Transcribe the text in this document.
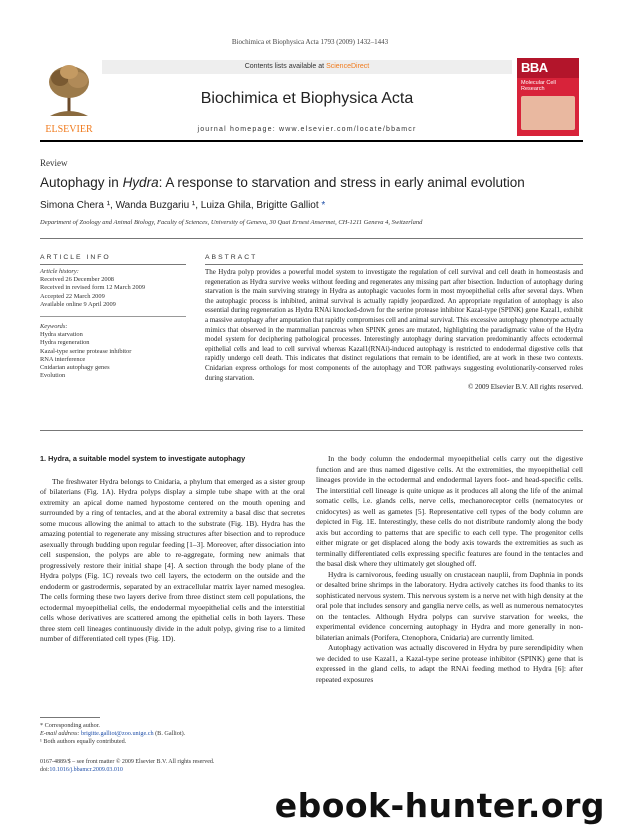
Biochimica et Biophysica Acta 1793 (2009) 1432–1443
ELSEVIER
Contents lists available at ScienceDirect
Biochimica et Biophysica Acta
journal homepage: www.elsevier.com/locate/bbamcr
BBA
Molecular Cell Research
Review
Autophagy in Hydra: A response to starvation and stress in early animal evolution
Simona Chera ¹, Wanda Buzgariu ¹, Luiza Ghila, Brigitte Galliot *
Department of Zoology and Animal Biology, Faculty of Sciences, University of Geneva, 30 Quai Ernest Ansermet, CH-1211 Geneva 4, Switzerland
ARTICLE INFO	ABSTRACT
Article history:
Received 26 December 2008
Received in revised form 12 March 2009
Accepted 22 March 2009
Available online 9 April 2009
Keywords:
Hydra starvation
Hydra regeneration
Kazal-type serine protease inhibitor
RNA interference
Cnidarian autophagy genes
Evolution

The Hydra polyp provides a powerful model system to investigate the regulation of cell survival and cell death in homeostasis and regeneration as Hydra survive weeks without feeding and regenerates any missing part after bisection. Induction of autophagy during starvation is the main surviving strategy in Hydra as autophagic vacuoles form in most myoepithelial cells after several days. When the autophagic process is inhibited, animal survival is actually rapidly jeopardized. An appropriate regulation of autophagy is also essential during regeneration as Hydra RNAi knocked-down for the serine protease inhibitor Kazal-type (SPINK) gene Kazal1, exhibit a massive autophagy after amputation that rapidly compromises cell and animal survival. This excessive autophagy phenotype actually mimics that observed in the mammalian pancreas when SPINK genes are mutated, highlighting the paradigmatic value of the Hydra model system for deciphering pathological processes. Interestingly autophagy during starvation predominantly affects ectodermal epithelial cells and lead to cell survival whereas Kazal1(RNAi)-induced autophagy is restricted to endodermal digestive cells that rapidly undergo cell death. This indicates that distinct regulations that remain to be identified, are at work in these two contexts. Cnidarian express orthologs for most components of the autophagy and TOR pathways suggesting evolutionarily-conserved roles during starvation.

© 2009 Elsevier B.V. All rights reserved.

1. Hydra, a suitable model system to investigate autophagy

The freshwater Hydra belongs to Cnidaria, a phylum that emerged as a sister group of bilaterians (Fig. 1A). Hydra polyps display a simple tube shape with at the oral extremity an apical dome named hypostome centered on the mouth opening and surrounded by a ring of tentacles, and at the aboral extremity a basal disc that secretes some mucous allowing the animal to attach to the substrate (Fig. 1B). Hydra has the amazing potential to regenerate any missing structures after bisection and to reproduce asexually through budding upon regular feeding [1–3]. Moreover, after dissociation into cell suspension, the polyps are able to re-aggregate, forming new animals that progressively restore their initial shape [4]. A section through the body plane of the Hydra polyps (Fig. 1C) reveals two cell layers, the ectoderm on the outside and the endoderm or gastrodermis, separated by an extracellular matrix layer named mesoglea. The cells forming these two layers derive from three distinct stem cell populations, the ectodermal myoepithelial cells, the endodermal myoepithelial cells and the interstitial cells whose derivatives are scattered among the epithelial cells in both layers. These three stem cell lineages continuously divide in the adult polyp, giving rise to a limited number of differentiated cell types (Fig. 1D).

In the body column the endodermal myoepithelial cells carry out the digestive function and are thus named digestive cells. At the extremities, the myoepithelial cell lineages provide in the ectodermal and endodermal layers foot- and head-specific cells. The interstitial cell lineage is quite unique as it produces all along the life of the animal somatic cells, i.e. glands cells, nerve cells, mechanoreceptor cells (nematocytes or cnidocytes) as well as gametes [5]. Representative cell types of the body column are depicted in Fig. 1E. Interestingly, these cells do not distribute randomly along the body axis but according to patterns that are specific to each cell type. The progenitor cells either migrate or get displaced along the body axis towards the extremities as such as terminally differentiated cells expressing specific features are found in the tentacles and the basal disk where they ultimately get sloughed off.

Hydra is carnivorous, feeding usually on crustacean nauplii, from Daphnia in ponds or desalted brine shrimps in the laboratory. Hydra actively catches its food thanks to its sophisticated nervous system. This nervous system is a nerve net with high density at the oral pole that includes sensory and ganglia nerve cells, as well as numerous nematocytes on the tentacles. Although Hydra polyps can survive starvation for weeks, the experimental evidence concerning autophagy in Hydra and more generally in non-bilaterian animals (Porifera, Ctenophora, Cnidaria) are currently limited.

Autophagy activation was actually discovered in Hydra by pure serendipidity when we decided to use Kazal1, a Kazal-type serine protease inhibitor (SPINK) gene that is expressed in the gland cells, to adapt the RNAi feeding method to Hydra [6]: after repeated exposures

* Corresponding author.
E-mail address: brigitte.galliot@zoo.unige.ch (B. Galliot).
¹ Both authors equally contributed.
0167-4889/$ – see front matter © 2009 Elsevier B.V. All rights reserved.
doi:10.1016/j.bbamcr.2009.03.010
ebook-hunter.org
